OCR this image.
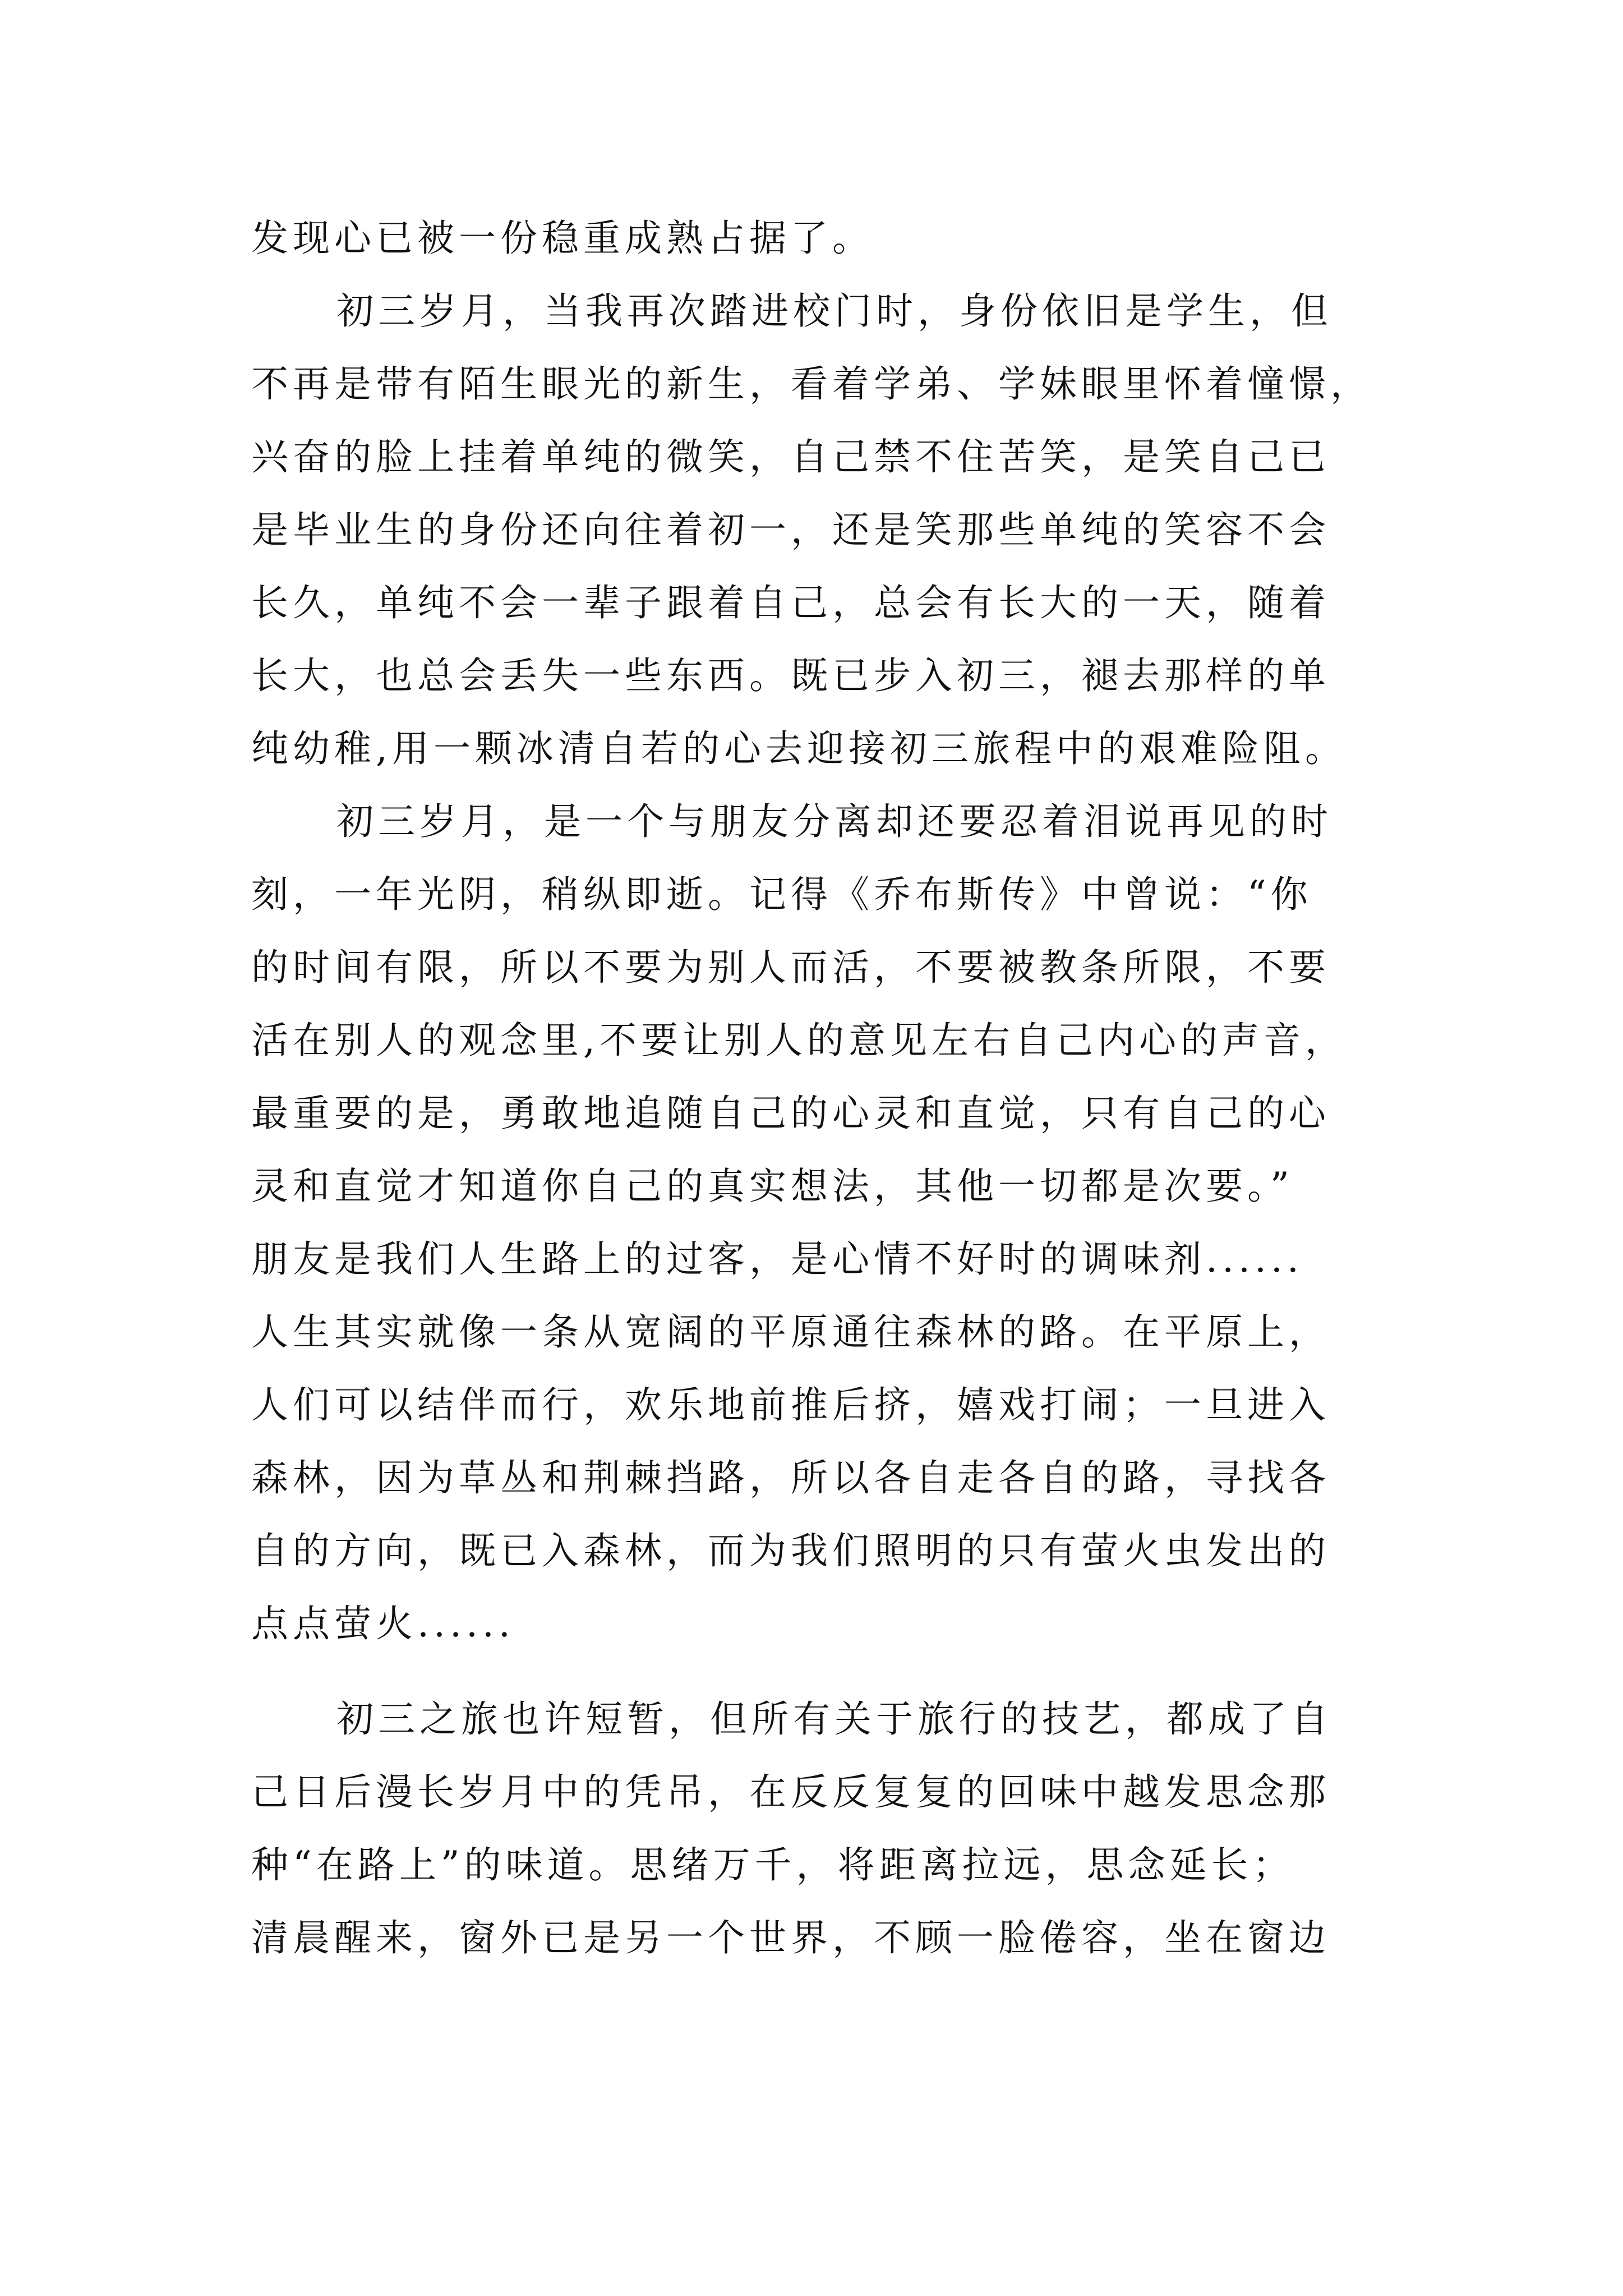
发现心已被一份稳重成熟占据了。
初三岁月，当我再次踏进校门时，身份依旧是学生，但
不再是带有陌生眼光的新生，看着学弟、学妹眼里怀着憧憬，
兴奋的脸上挂着单纯的微笑，自己禁不住苦笑，是笑自己已
是毕业生的身份还向往着初一，还是笑那些单纯的笑容不会
长久，单纯不会一辈子跟着自己，总会有长大的一天，随着
长大，也总会丢失一些东西。既已步入初三，褪去那样的单
纯幼稚,用一颗冰清自若的心去迎接初三旅程中的艰难险阻。
初三岁月，是一个与朋友分离却还要忍着泪说再见的时
刻，一年光阴，稍纵即逝。记得《乔布斯传》中曾说：“你
的时间有限，所以不要为别人而活，不要被教条所限，不要
活在别人的观念里,不要让别人的意见左右自己内心的声音，
最重要的是，勇敢地追随自己的心灵和直觉，只有自己的心
灵和直觉才知道你自己的真实想法，其他一切都是次要。”
朋友是我们人生路上的过客，是心情不好时的调味剂......
人生其实就像一条从宽阔的平原通往森林的路。在平原上，
人们可以结伴而行，欢乐地前推后挤，嬉戏打闹；一旦进入
森林，因为草丛和荆棘挡路，所以各自走各自的路，寻找各
自的方向，既已入森林，而为我们照明的只有萤火虫发出的
点点萤火......
初三之旅也许短暂，但所有关于旅行的技艺，都成了自
己日后漫长岁月中的凭吊，在反反复复的回味中越发思念那
种“在路上”的味道。思绪万千，将距离拉远，思念延长；
清晨醒来，窗外已是另一个世界，不顾一脸倦容，坐在窗边
